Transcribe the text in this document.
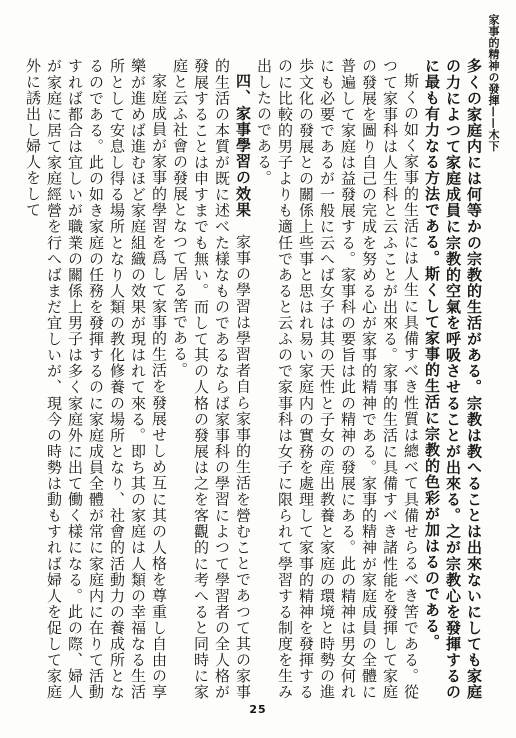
家事的精神の發揮——木下

多くの家庭内には何等かの宗教的生活がある。宗教は教へることは出來ないにしても家庭の力によつて家庭成員に宗教的空氣を呼吸させることが出來る。之が宗教心を發揮するのに最も有力なる方法である。斯くして家事的生活に宗教的色彩が加はるのである。

斯くの如く家事的生活には人生に具備すべき性質は總べて具備せらるべき筈である。從つて家事科は人生科と云ふことが出來る。家事的生活に具備すべき諸性能を發揮して家庭の發展を圖り自己の完成を努める心が家事的精神である。家事的精神が家庭成員の全體に普遍して家庭は益發展する。家事科の要旨は此の精神の發展にある。此の精神は男女何れにも必要であるが一般に云へば女子は其の天性と子女の産出教養と家庭の環境と時勢の進歩文化の發展との關係上些事と思はれ易い家庭内の實務を處理して家事的精神を發揮するのに比較的男子よりも適任であると云ふので家事科は女子に限られて學習する制度を生み出したのである。

四、家事學習の效果　家事の學習は學習者自ら家事的生活を營むことであつて其の家事的生活の本質が既に述べた樣なものであるならば家事科の學習によつて學習者の全人格が發展することは申すまでも無い。而して其の人格の發展は之を客觀的に考へると同時に家庭と云ふ社會の發展となつて居る筈である。

家庭成員が家事的學習を爲して家事的生活を發展せしめ互に其の人格を尊重し自由の享樂が進めば進むほど家庭組織の效果が現はれて來る。即ち其の家庭は人類の幸福なる生活所として安息し得る場所となり人類の教化修養の場所となり、社會的活動力の養成所となるのである。此の如き家庭の任務を發揮するのに家庭成員全體が常に家庭内に在りて活動すれば都合は宜しいが職業の關係上男子は多く家庭外に出て働く樣になる。此の際、婦人が家庭に居て家庭經營を行へばまだ宜しいが、現今の時勢は動もすれば婦人を促して家庭外に誘出し婦人をして

25
